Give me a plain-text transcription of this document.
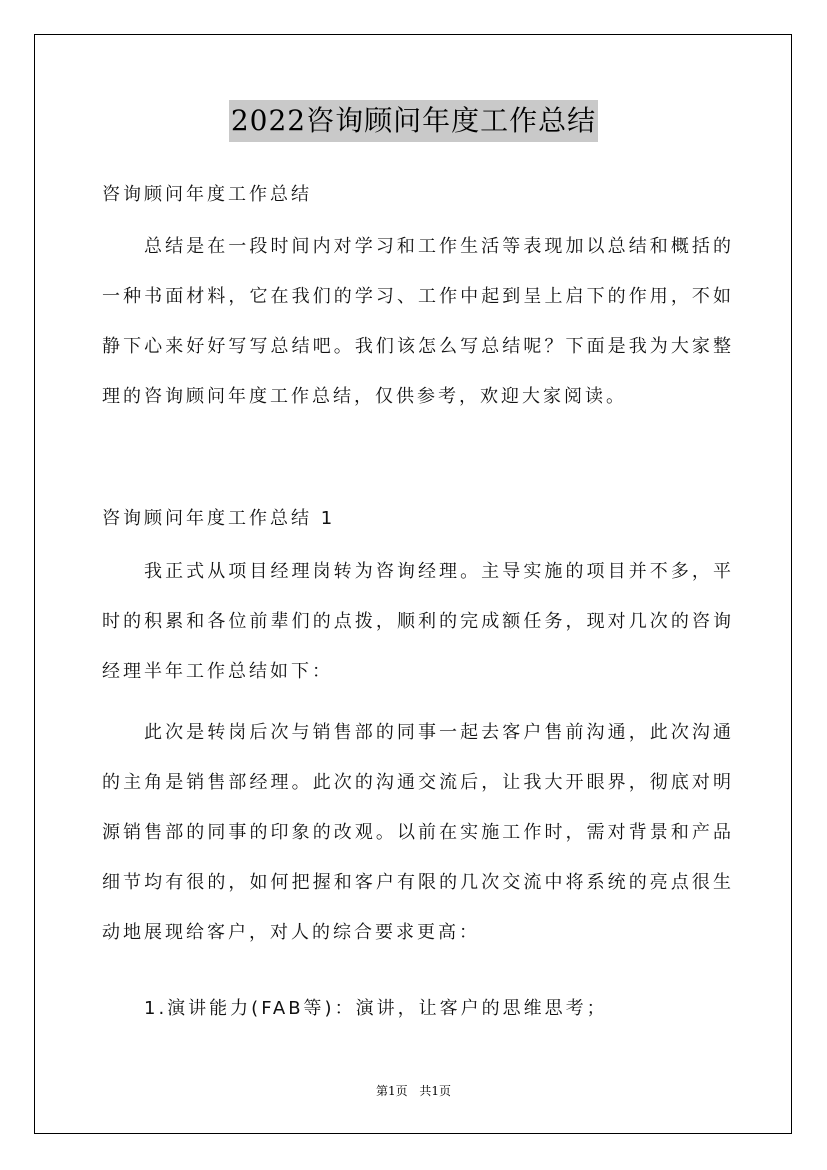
2022咨询顾问年度工作总结
咨询顾问年度工作总结

总结是在一段时间内对学习和工作生活等表现加以总结和概括的一种书面材料，它在我们的学习、工作中起到呈上启下的作用，不如静下心来好好写写总结吧。我们该怎么写总结呢？下面是我为大家整理的咨询顾问年度工作总结，仅供参考，欢迎大家阅读。

咨询顾问年度工作总结 1

我正式从项目经理岗转为咨询经理。主导实施的项目并不多，平时的积累和各位前辈们的点拨，顺利的完成额任务，现对几次的咨询经理半年工作总结如下：

此次是转岗后次与销售部的同事一起去客户售前沟通，此次沟通的主角是销售部经理。此次的沟通交流后，让我大开眼界，彻底对明源销售部的同事的印象的改观。以前在实施工作时，需对背景和产品细节均有很的，如何把握和客户有限的几次交流中将系统的亮点很生动地展现给客户，对人的综合要求更高：

1.演讲能力(FAB等)：演讲，让客户的思维思考；
第1页 共1页
